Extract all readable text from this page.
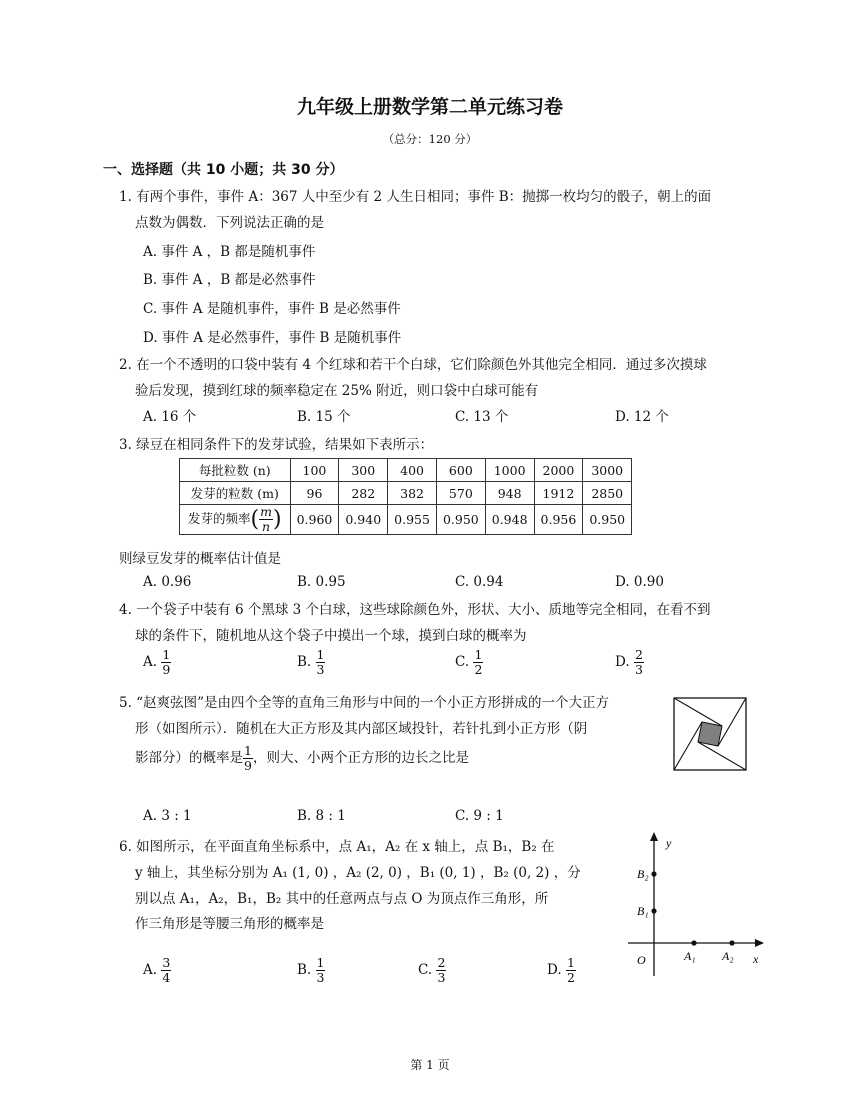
九年级上册数学第二单元练习卷
（总分：120 分）
一、选择题（共 10 小题；共 30 分）
1. 有两个事件，事件 A：367 人中至少有 2 人生日相同；事件 B：抛掷一枚均匀的骰子，朝上的面
点数为偶数．下列说法正确的是
A. 事件 A ，B 都是随机事件
B. 事件 A ，B 都是必然事件
C. 事件 A 是随机事件，事件 B 是必然事件
D. 事件 A 是必然事件，事件 B 是随机事件
2. 在一个不透明的口袋中装有 4 个红球和若干个白球，它们除颜色外其他完全相同．通过多次摸球
验后发现，摸到红球的频率稳定在 25% 附近，则口袋中白球可能有
A. 16 个	B. 15 个	C. 13 个	D. 12 个
3. 绿豆在相同条件下的发芽试验，结果如下表所示：
每批粒数 (n)	100	300	400	600	1000	2000	3000
发芽的粒数 (m)	96	282	382	570	948	1912	2850
发芽的频率( $\frac{m}{n}$ )	0.960	0.940	0.955	0.950	0.948	0.956	0.950
则绿豆发芽的概率估计值是
A. 0.96	B. 0.95	C. 0.94	D. 0.90
4. 一个袋子中装有 6 个黑球 3 个白球，这些球除颜色外，形状、大小、质地等完全相同，在看不到
球的条件下，随机地从这个袋子中摸出一个球，摸到白球的概率为
A. $\frac{1}{9}$	B. $\frac{1}{3}$	C. $\frac{1}{2}$	D. $\frac{2}{3}$
5. “赵爽弦图”是由四个全等的直角三角形与中间的一个小正方形拼成的一个大正方
形（如图所示）．随机在大正方形及其内部区域投针，若针扎到小正方形（阴
影部分）的概率是 $\frac{1}{9}$ ，则大、小两个正方形的边长之比是
A. 3 : 1	B. 8 : 1	C. 9 : 1
6. 如图所示，在平面直角坐标系中，点 A₁，A₂ 在 x 轴上，点 B₁，B₂ 在
y 轴上，其坐标分别为 A₁ (1, 0) ，A₂ (2, 0) ，B₁ (0, 1) ，B₂ (0, 2) ，分
别以点 A₁，A₂，B₁，B₂ 其中的任意两点与点 O 为顶点作三角形，所
作三角形是等腰三角形的概率是
A. $\frac{3}{4}$	B. $\frac{1}{3}$	C. $\frac{2}{3}$	D. $\frac{1}{2}$
y
x
O	A₁ A₂
B₁
B₂
第 1 页
